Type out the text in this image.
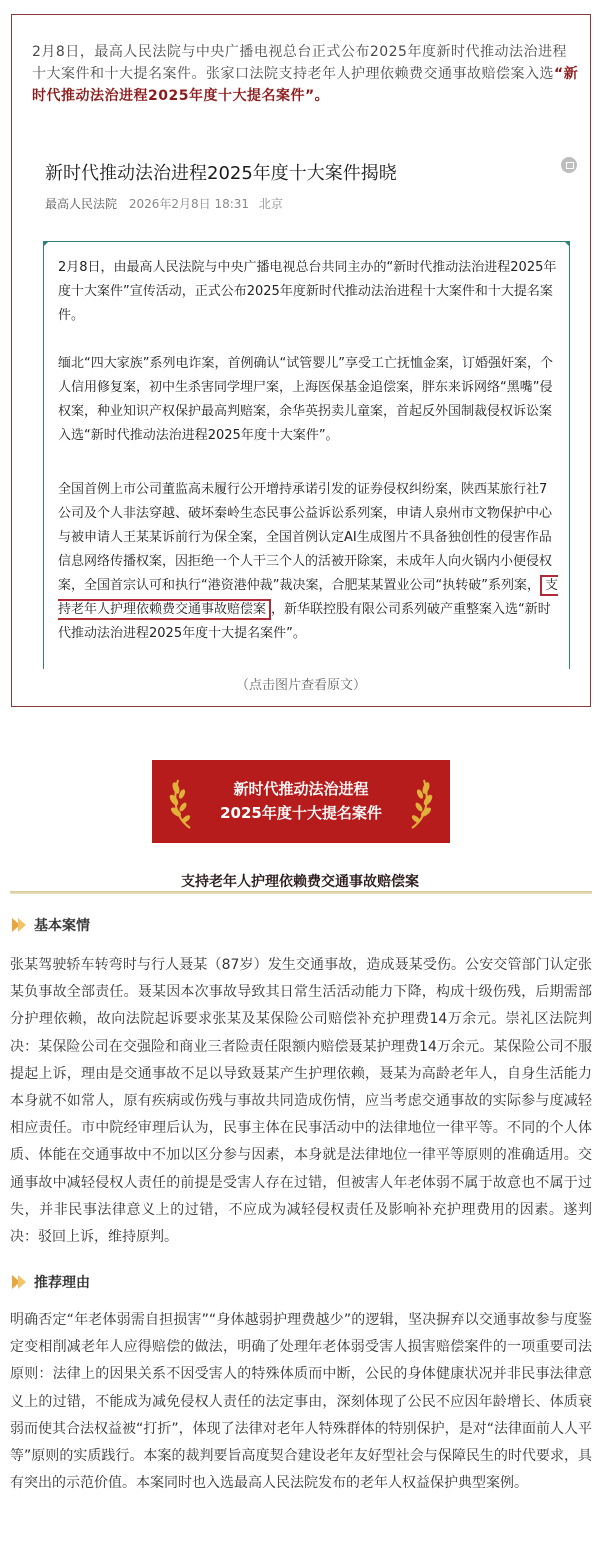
2月8日，最高人民法院与中央广播电视总台正式公布2025年度新时代推动法治进程十大案件和十大提名案件。张家口法院支持老年人护理依赖费交通事故赔偿案入选“新时代推动法治进程2025年度十大提名案件”。

新时代推动法治进程2025年度十大案件揭晓
最高人民法院 2026年2月8日 18:31 北京

2月8日，由最高人民法院与中央广播电视总台共同主办的“新时代推动法治进程2025年度十大案件”宣传活动，正式公布2025年度新时代推动法治进程十大案件和十大提名案件。

缅北“四大家族”系列电诈案，首例确认“试管婴儿”享受工亡抚恤金案，订婚强奸案，个人信用修复案，初中生杀害同学埋尸案，上海医保基金追偿案，胖东来诉网络“黑嘴”侵权案，种业知识产权保护最高判赔案，余华英拐卖儿童案，首起反外国制裁侵权诉讼案入选“新时代推动法治进程2025年度十大案件”。

全国首例上市公司董监高未履行公开增持承诺引发的证券侵权纠纷案，陕西某旅行社7公司及个人非法穿越、破坏秦岭生态民事公益诉讼系列案，申请人泉州市文物保护中心与被申请人王某某诉前行为保全案，全国首例认定AI生成图片不具备独创性的侵害作品信息网络传播权案，因拒绝一个人干三个人的活被开除案，未成年人向火锅内小便侵权案，全国首宗认可和执行“港资港仲裁”裁决案，合肥某某置业公司“执转破”系列案， 支持老年人护理依赖费交通事故赔偿案 ，新华联控股有限公司系列破产重整案入选“新时代推动法治进程2025年度十大提名案件”。

（点击图片查看原文）
新时代推动法治进程
2025年度十大提名案件
支持老年人护理依赖费交通事故赔偿案
基本案情

张某驾驶轿车转弯时与行人聂某（87岁）发生交通事故，造成聂某受伤。公安交管部门认定张某负事故全部责任。聂某因本次事故导致其日常生活活动能力下降，构成十级伤残，后期需部分护理依赖，故向法院起诉要求张某及某保险公司赔偿补充护理费14万余元。崇礼区法院判决：某保险公司在交强险和商业三者险责任限额内赔偿聂某护理费14万余元。某保险公司不服提起上诉，理由是交通事故不足以导致聂某产生护理依赖，聂某为高龄老年人，自身生活能力本身就不如常人，原有疾病或伤残与事故共同造成伤情，应当考虑交通事故的实际参与度减轻相应责任。市中院经审理后认为，民事主体在民事活动中的法律地位一律平等。不同的个人体质、体能在交通事故中不加以区分参与因素，本身就是法律地位一律平等原则的准确适用。交通事故中减轻侵权人责任的前提是受害人存在过错，但被害人年老体弱不属于故意也不属于过失，并非民事法律意义上的过错，不应成为减轻侵权责任及影响补充护理费用的因素。遂判决：驳回上诉，维持原判。

推荐理由

明确否定“年老体弱需自担损害”“身体越弱护理费越少”的逻辑，坚决摒弃以交通事故参与度鉴定变相削减老年人应得赔偿的做法，明确了处理年老体弱受害人损害赔偿案件的一项重要司法原则：法律上的因果关系不因受害人的特殊体质而中断，公民的身体健康状况并非民事法律意义上的过错，不能成为减免侵权人责任的法定事由，深刻体现了公民不应因年龄增长、体质衰弱而使其合法权益被“打折”，体现了法律对老年人特殊群体的特别保护，是对“法律面前人人平等”原则的实质践行。本案的裁判要旨高度契合建设老年友好型社会与保障民生的时代要求，具有突出的示范价值。本案同时也入选最高人民法院发布的老年人权益保护典型案例。
